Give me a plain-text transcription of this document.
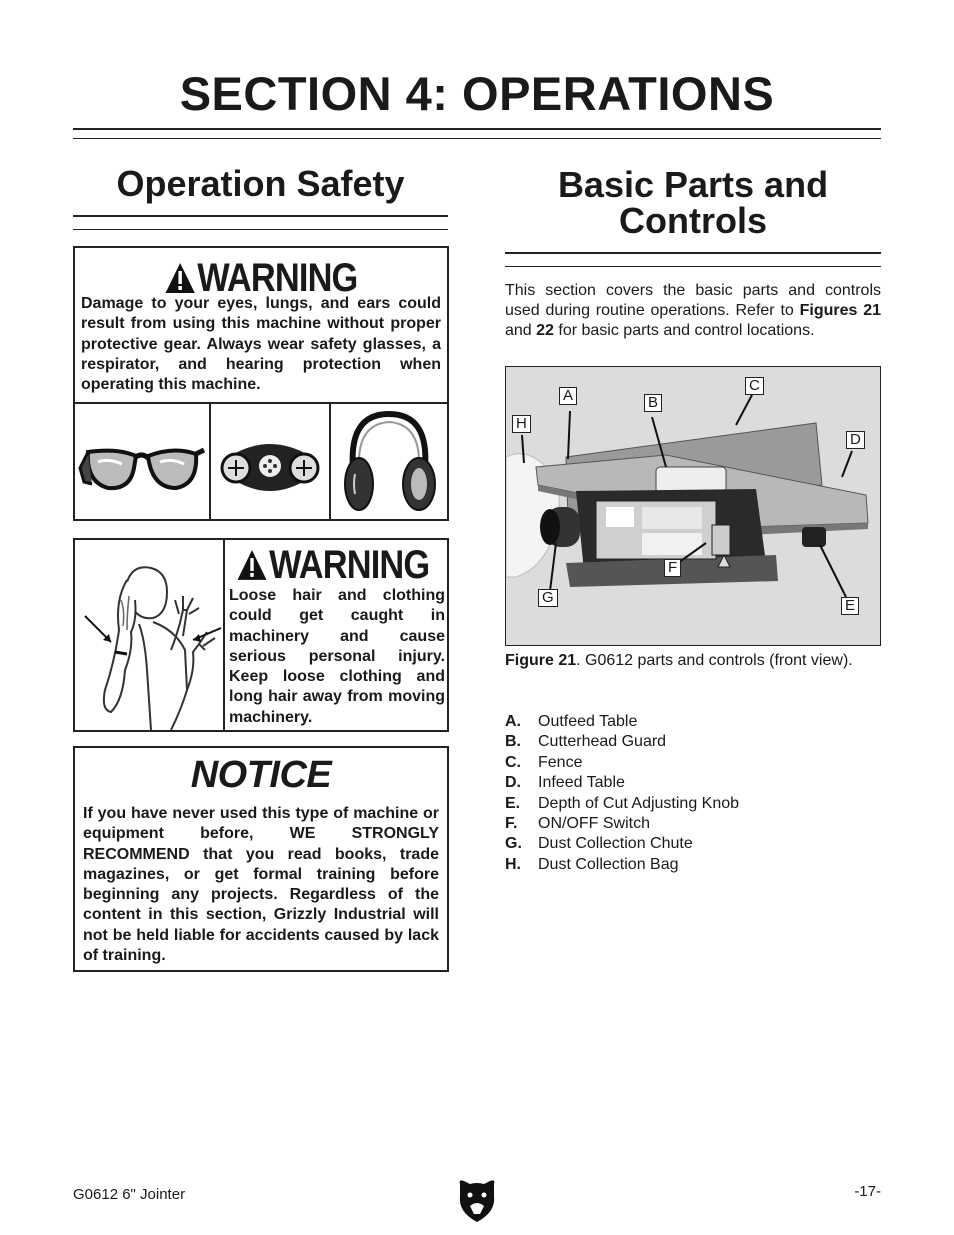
SECTION 4: OPERATIONS
Operation Safety
WARNING
Damage to your eyes, lungs, and ears could result from using this machine without proper protective gear. Always wear safety glasses, a respirator, and hearing protection when operating this machine.
WARNING
Loose hair and clothing could get caught in machinery and cause serious personal injury. Keep loose clothing and long hair away from moving machinery.
NOTICE
If you have never used this type of machine or equipment before, WE STRONGLY RECOMMEND that you read books, trade magazines, or get formal training before beginning any projects. Regardless of the content in this section, Grizzly Industrial will not be held liable for accidents caused by lack of training.
Basic Parts and
Controls
This section covers the basic parts and controls used during routine operations. Refer to Figures 21 and 22 for basic parts and control locations.
A	B
C
D
E
F
G
H
Figure 21. G0612 parts and controls (front view).
A.	Outfeed Table
B.	Cutterhead Guard
C.	Fence
D.	Infeed Table
E.	Depth of Cut Adjusting Knob
F.	ON/OFF Switch
G.	Dust Collection Chute
H.	Dust Collection Bag
G0612 6" Jointer	-17-
